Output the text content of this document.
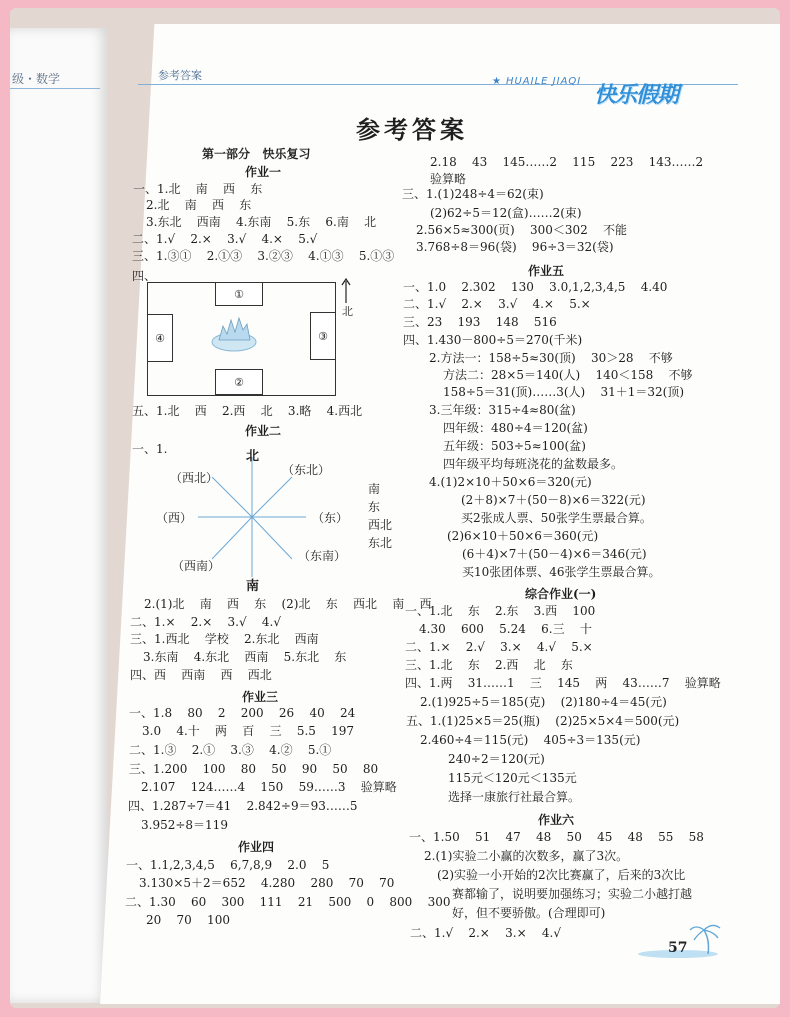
级・数学	参考答案	★ HUAILE JIAQI
快乐假期
参考答案
第一部分   快乐复习
作业一
一、1.北    南    西    东
2.北    南    西    东
3.东北    西南    4.东南    5.东    6.南    北
二、1.√    2.×    3.√    4.×    5.√
三、1.③①    2.①③    3.②③    4.①③    5.①③
四、
①
②
③
④
北
五、1.北    西    2.西    北    3.略    4.西北
作业二
一、1.	北
南
（东北）
（西北）
（东）
（西）
（东南）
（西南）
南
东
西北
东北
2.(1)北    南    西    东    (2)北    东    西北    南    西
二、1.×    2.×    3.√    4.√
三、1.西北    学校    2.东北    西南
3.东南    4.东北    西南    5.东北    东
四、西    西南    西    西北
作业三
一、1.8    80    2    200    26    40    24
3.0    4.十    两    百    三    5.5    197
二、1.③    2.①    3.③    4.②    5.①
三、1.200    100    80    50    90    50    80
2.107    124……4    150    59……3    验算略
四、1.287÷7＝41    2.842÷9＝93……5
3.952÷8＝119
作业四
一、1.1,2,3,4,5    6,7,8,9    2.0    5
3.130×5＋2＝652    4.280    280    70    70
二、1.30    60    300    111    21    500    0    800    300
20    70    100
2.18    43    145……2    115    223    143……2
验算略
三、1.(1)248÷4＝62(束)
(2)62÷5＝12(盒)……2(束)
2.56×5≈300(页)    300＜302    不能
3.768÷8＝96(袋)    96÷3＝32(袋)
作业五
一、1.0    2.302    130    3.0,1,2,3,4,5    4.40
二、1.√    2.×    3.√    4.×    5.×
三、23    193    148    516
四、1.430－800÷5＝270(千米)
2.方法一：158÷5≈30(顶)    30＞28    不够
方法二：28×5＝140(人)    140＜158    不够
158÷5＝31(顶)……3(人)    31＋1＝32(顶)
3.三年级：315÷4≈80(盆)
四年级：480÷4＝120(盆)
五年级：503÷5≈100(盆)
四年级平均每班浇花的盆数最多。
4.(1)2×10＋50×6＝320(元)
(2＋8)×7＋(50－8)×6＝322(元)
买2张成人票、50张学生票最合算。
(2)6×10＋50×6＝360(元)
(6＋4)×7＋(50－4)×6＝346(元)
买10张团体票、46张学生票最合算。
综合作业(一)
一、1.北    东    2.东    3.西    100
4.30    600    5.24    6.三    十
二、1.×    2.√    3.×    4.√    5.×
三、1.北    东    2.西    北    东
四、1.两    31……1    三    145    两    43……7    验算略
2.(1)925÷5＝185(克)    (2)180÷4＝45(元)
五、1.(1)25×5＝25(瓶)    (2)25×5×4＝500(元)
2.460÷4＝115(元)    405÷3＝135(元)
240÷2＝120(元)
115元＜120元＜135元
选择一康旅行社最合算。
作业六
一、1.50    51    47    48    50    45    48    55    58
2.(1)实验二小赢的次数多，赢了3次。
(2)实验一小开始的2次比赛赢了，后来的3次比
赛都输了，说明要加强练习；实验二小越打越
好，但不要骄傲。(合理即可)
二、1.√    2.×    3.×    4.√
57
